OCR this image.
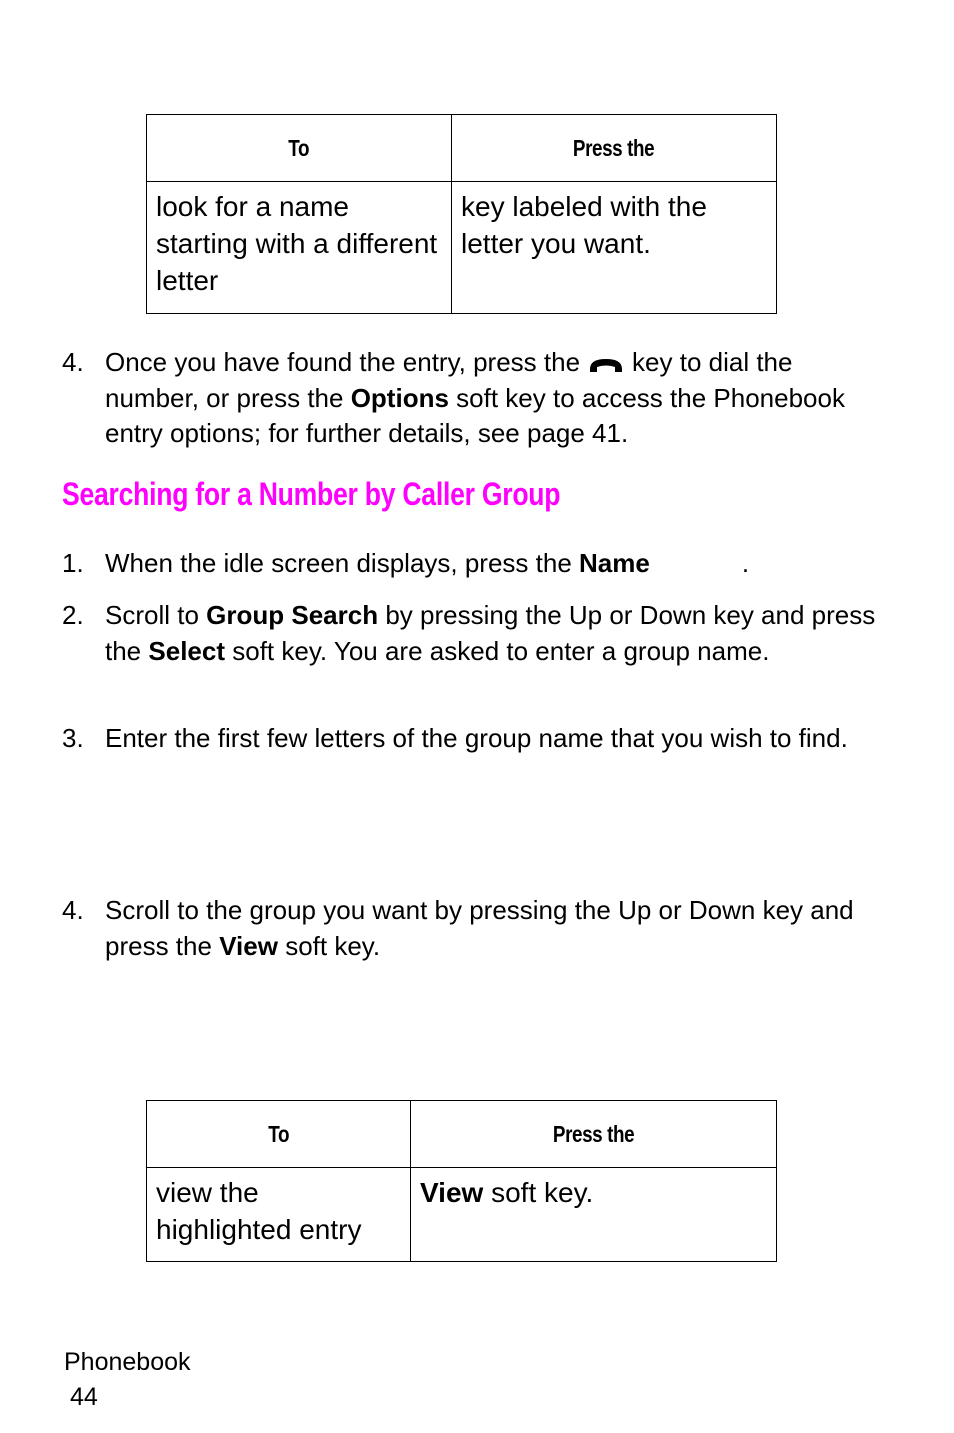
To	Press the
look for a name starting with a different letter	key labeled with the letter you want.
4. Once you have found the entry, press the key to dial the number, or press the Options soft key to access the Phonebook entry options; for further details, see page 41.
Searching for a Number by Caller Group
1. When the idle screen displays, press the Name	.
2. Scroll to Group Search by pressing the Up or Down key and press the Select soft key. You are asked to enter a group name.
3. Enter the first few letters of the group name that you wish to find.
4. Scroll to the group you want by pressing the Up or Down key and press the View soft key.
To	Press the
view the highlighted entry	View soft key.
Phonebook
44
